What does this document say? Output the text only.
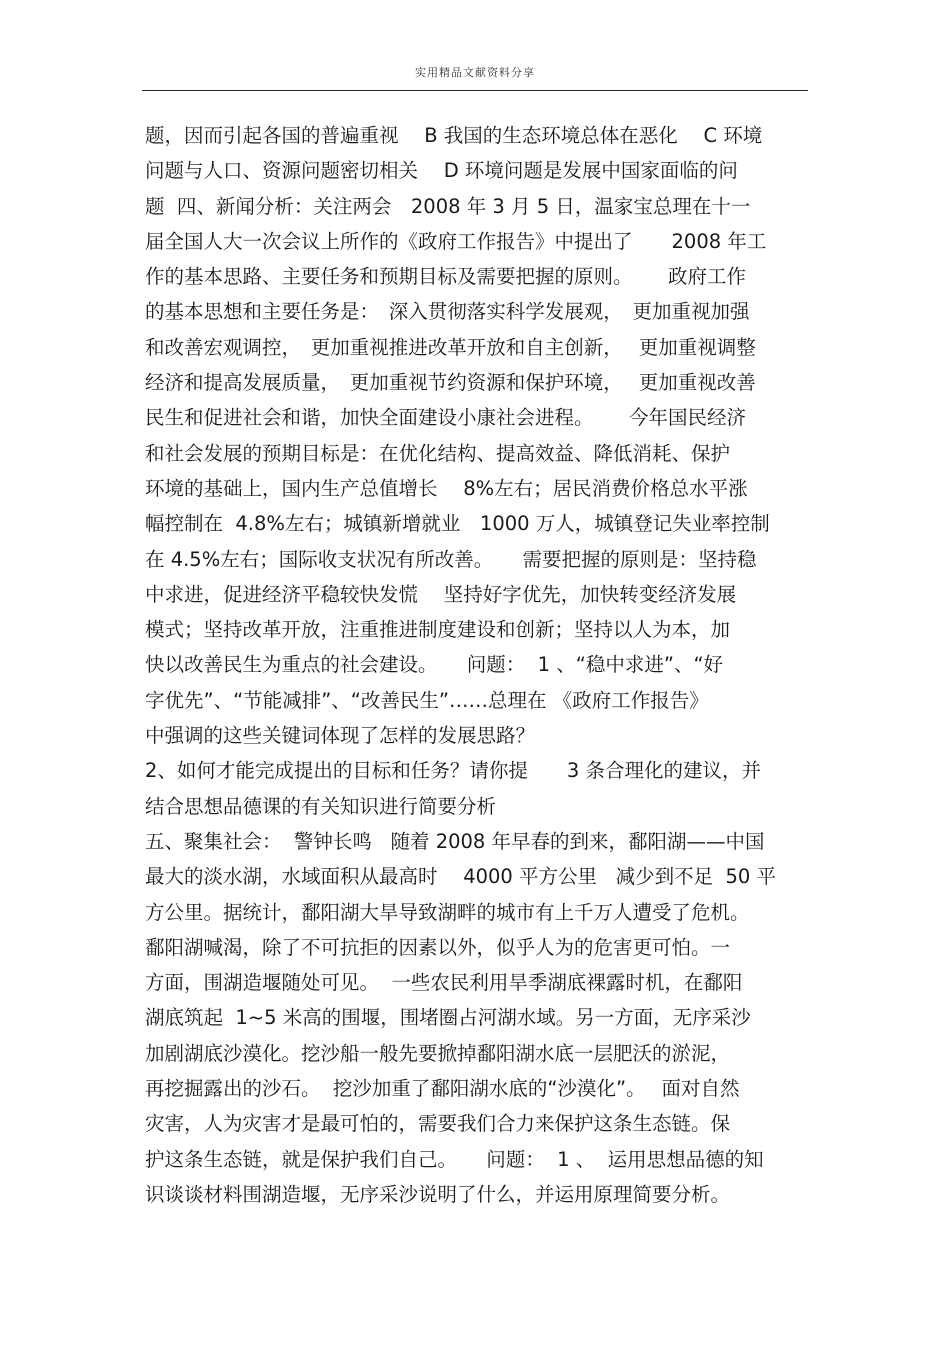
实用精品文献资料分享
题，因而引起各国的普遍重视　 B 我国的生态环境总体在恶化　 C 环境
问题与人口、资源问题密切相关　 D 环境问题是发展中国家面临的问
题  四、新闻分析：关注两会　2008 年 3 月 5 日，温家宝总理在十一
届全国人大一次会议上所作的《政府工作报告》中提出了　　2008 年工
作的基本思路、主要任务和预期目标及需要把握的原则。　　 政府工作
的基本思想和主要任务是：　深入贯彻落实科学发展观，　更加重视加强
和改善宏观调控，　更加重视推进改革开放和自主创新，　 更加重视调整
经济和提高发展质量，　更加重视节约资源和保护环境，　 更加重视改善
民生和促进社会和谐，加快全面建设小康社会进程。　　 今年国民经济
和社会发展的预期目标是：在优化结构、提高效益、降低消耗、保护
环境的基础上，国内生产总值增长　 8%左右；居民消费价格总水平涨
幅控制在  4.8%左右；城镇新增就业　1000 万人，城镇登记失业率控制
在 4.5%左右；国际收支状况有所改善。　　需要把握的原则是：坚持稳
中求进，促进经济平稳较快发慌　 坚持好字优先，加快转变经济发展
模式；坚持改革开放，注重推进制度建设和创新；坚持以人为本，加
快以改善民生为重点的社会建设。　　问题：  1 、“稳中求进”、“好
字优先”、“节能减排”、“改善民生”……总理在 《政府工作报告》
中强调的这些关键词体现了怎样的发展思路？
2、如何才能完成提出的目标和任务？请你提　　3 条合理化的建议，并
结合思想品德课的有关知识进行简要分析
五、聚集社会：  警钟长鸣   随着 2008 年早春的到来，鄱阳湖——中国
最大的淡水湖，水域面积从最高时　 4000 平方公里   减少到不足  50 平
方公里。据统计，鄱阳湖大旱导致湖畔的城市有上千万人遭受了危机。
鄱阳湖喊渴，除了不可抗拒的因素以外，似乎人为的危害更可怕。一
方面，围湖造堰随处可见。  一些农民利用旱季湖底裸露时机，在鄱阳
湖底筑起  1~5 米高的围堰，围堵圈占河湖水域。另一方面，无序采沙
加剧湖底沙漠化。挖沙船一般先要掀掉鄱阳湖水底一层肥沃的淤泥，
再挖掘露出的沙石。  挖沙加重了鄱阳湖水底的“沙漠化”。　 面对自然
灾害，人为灾害才是最可怕的，需要我们合力来保护这条生态链。保
护这条生态链，就是保护我们自己。　　问题：  1 、  运用思想品德的知
识谈谈材料围湖造堰，无序采沙说明了什么，并运用原理简要分析。
